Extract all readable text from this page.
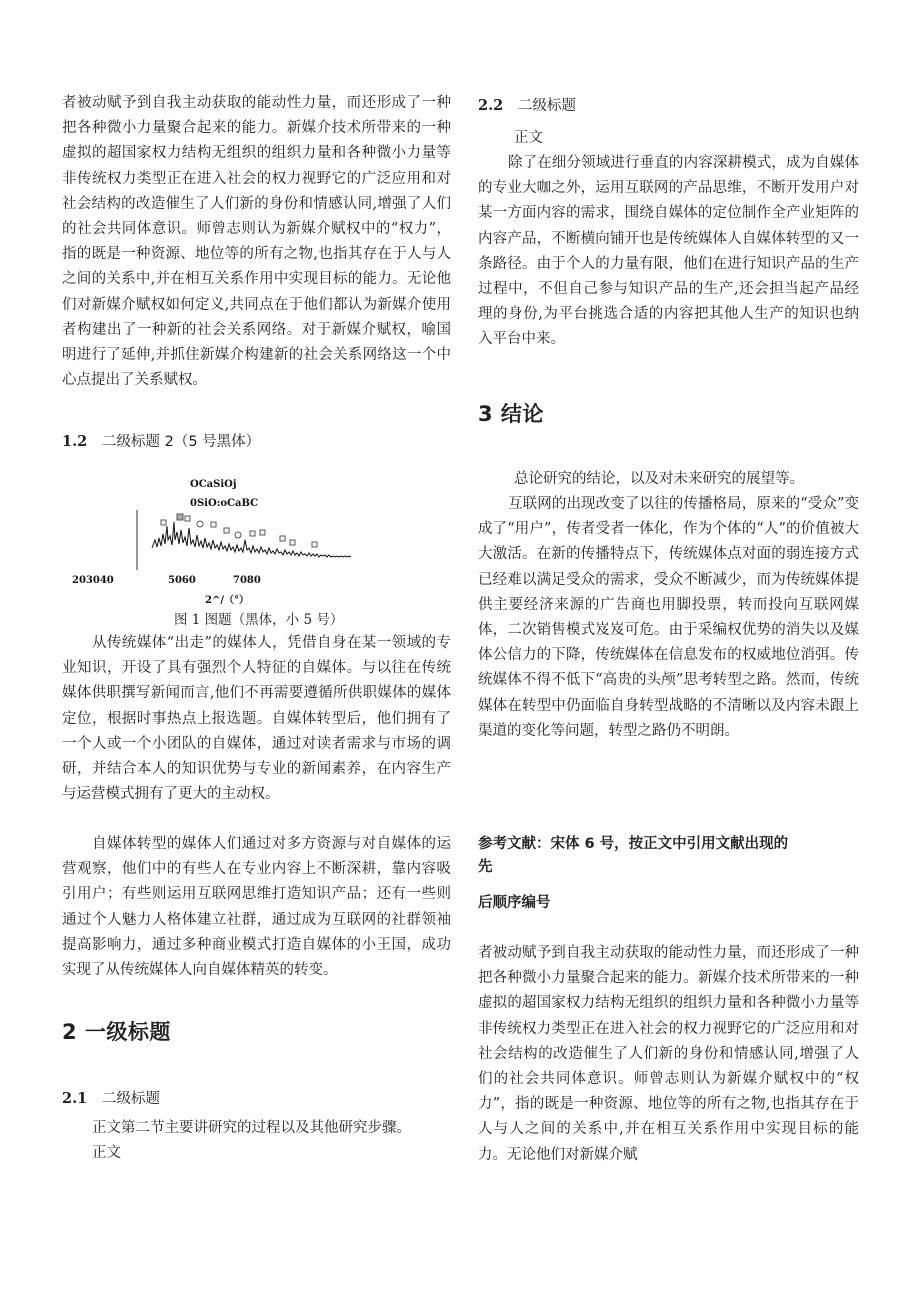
者被动赋予到自我主动获取的能动性力量，而还形成了一种把各种微小力量聚合起来的能力。新媒介技术所带来的一种虚拟的超国家权力结构无组织的组织力量和各种微小力量等非传统权力类型正在进入社会的权力视野它的广泛应用和对社会结构的改造催生了人们新的身份和情感认同,增强了人们的社会共同体意识。师曾志则认为新媒介赋权中的“权力”，指的既是一种资源、地位等的所有之物,也指其存在于人与人之间的关系中,并在相互关系作用中实现目标的能力。无论他们对新媒介赋权如何定义,共同点在于他们都认为新媒介使用者构建出了一种新的社会关系网络。对于新媒介赋权，喻国明进行了延伸,并抓住新媒介构建新的社会关系网络这一个中心点提出了关系赋权。

1.2 二级标题 2（5 号黑体）
OCaSiOj
0SiO:oCaBC
203040	5060	7080
2^/（°）
图 1 图题（黑体，小 5 号）

从传统媒体“出走”的媒体人，凭借自身在某一领域的专业知识，开设了具有强烈个人特征的自媒体。与以往在传统媒体供职撰写新闻而言,他们不再需要遵循所供职媒体的媒体定位，根据时事热点上报选题。自媒体转型后，他们拥有了一个人或一个小团队的自媒体，通过对读者需求与市场的调研，并结合本人的知识优势与专业的新闻素养，在内容生产与运营模式拥有了更大的主动权。

自媒体转型的媒体人们通过对多方资源与对自媒体的运营观察，他们中的有些人在专业内容上不断深耕，靠内容吸引用户；有些则运用互联网思维打造知识产品；还有一些则通过个人魅力人格体建立社群，通过成为互联网的社群领袖提高影响力，通过多种商业模式打造自媒体的小王国，成功实现了从传统媒体人向自媒体精英的转变。

2 一级标题
2.1 二级标题

正文第二节主要讲研究的过程以及其他研究步骤。

正文

2.2 二级标题

正文

除了在细分领域进行垂直的内容深耕模式，成为自媒体的专业大咖之外，运用互联网的产品思维，不断开发用户对某一方面内容的需求，围绕自媒体的定位制作全产业矩阵的内容产品，不断横向铺开也是传统媒体人自媒体转型的又一条路径。由于个人的力量有限，他们在进行知识产品的生产过程中，不但自己参与知识产品的生产,还会担当起产品经理的身份,为平台挑选合适的内容把其他人生产的知识也纳入平台中来。

3 结论

总论研究的结论，以及对未来研究的展望等。

互联网的出现改变了以往的传播格局，原来的“受众”变成了“用户”，传者受者一体化，作为个体的“人”的价值被大大激活。在新的传播特点下，传统媒体点对面的弱连接方式已经难以满足受众的需求，受众不断减少，而为传统媒体提供主要经济来源的广告商也用脚投票，转而投向互联网媒体，二次销售模式岌岌可危。由于采编权优势的消失以及媒体公信力的下降，传统媒体在信息发布的权威地位消弭。传统媒体不得不低下“高贵的头颅”思考转型之路。然而，传统媒体在转型中仍面临自身转型战略的不清晰以及内容未跟上渠道的变化等问题，转型之路仍不明朗。

参考文献：宋体 6 号，按正文中引用文献出现的
先
后顺序编号

者被动赋予到自我主动获取的能动性力量，而还形成了一种把各种微小力量聚合起来的能力。新媒介技术所带来的一种虚拟的超国家权力结构无组织的组织力量和各种微小力量等非传统权力类型正在进入社会的权力视野它的广泛应用和对社会结构的改造催生了人们新的身份和情感认同,增强了人们的社会共同体意识。师曾志则认为新媒介赋权中的“权力”，指的既是一种资源、地位等的所有之物,也指其存在于人与人之间的关系中,并在相互关系作用中实现目标的能力。无论他们对新媒介赋
